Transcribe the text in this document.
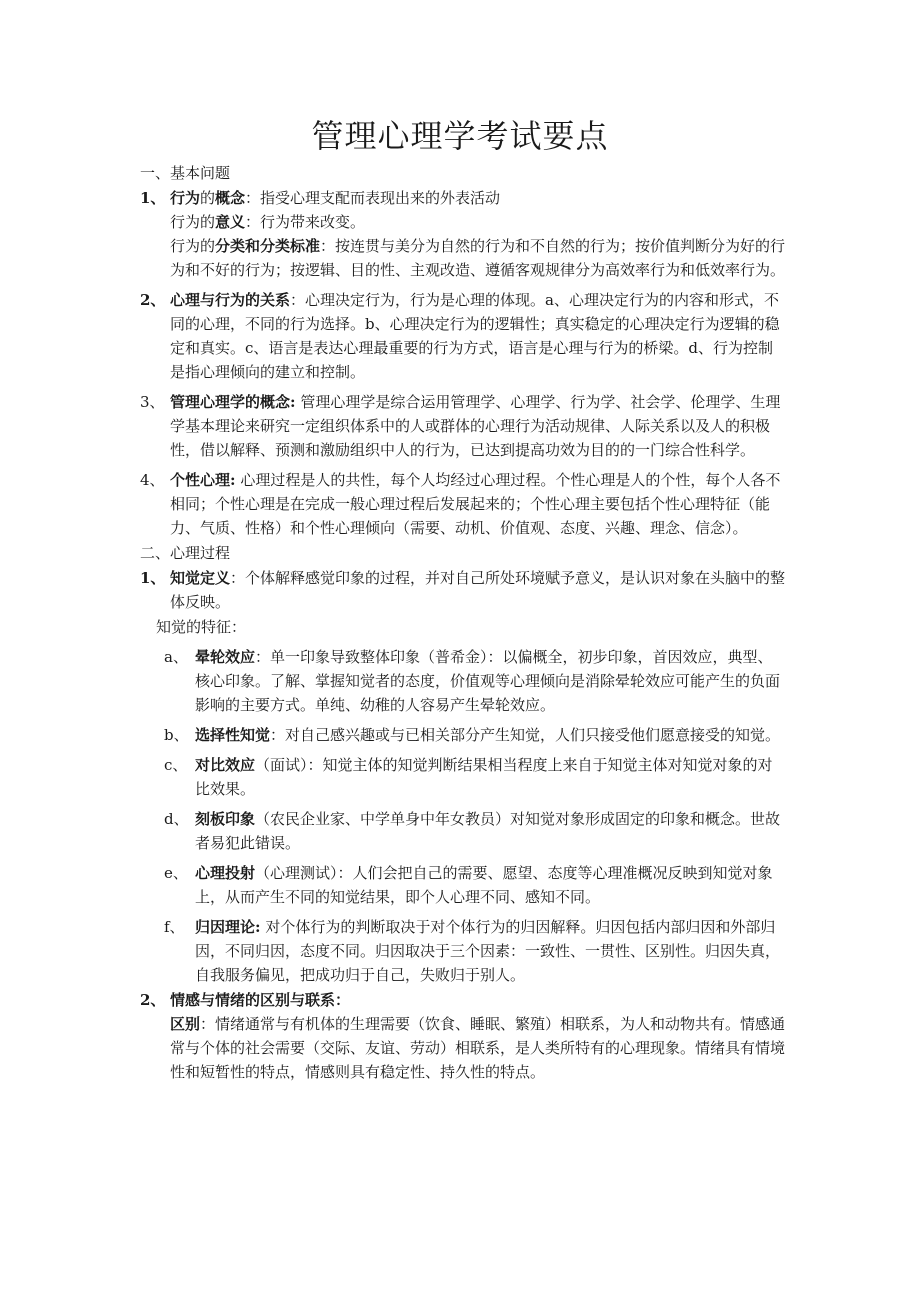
管理心理学考试要点
一、基本问题
1、 行为的概念：指受心理支配而表现出来的外表活动
行为的意义：行为带来改变。
行为的分类和分类标准：按连贯与美分为自然的行为和不自然的行为；按价值判断分为好的行为和不好的行为；按逻辑、目的性、主观改造、遵循客观规律分为高效率行为和低效率行为。
2、 心理与行为的关系：心理决定行为，行为是心理的体现。a、心理决定行为的内容和形式，不同的心理，不同的行为选择。b、心理决定行为的逻辑性；真实稳定的心理决定行为逻辑的稳定和真实。c、语言是表达心理最重要的行为方式，语言是心理与行为的桥梁。d、行为控制是指心理倾向的建立和控制。
3、 管理心理学的概念: 管理心理学是综合运用管理学、心理学、行为学、社会学、伦理学、生理学基本理论来研究一定组织体系中的人或群体的心理行为活动规律、人际关系以及人的积极性，借以解释、预测和激励组织中人的行为，已达到提高功效为目的的一门综合性科学。
4、 个性心理: 心理过程是人的共性，每个人均经过心理过程。个性心理是人的个性，每个人各不相同；个性心理是在完成一般心理过程后发展起来的；个性心理主要包括个性心理特征（能力、气质、性格）和个性心理倾向（需要、动机、价值观、态度、兴趣、理念、信念）。
二、心理过程
1、 知觉定义：个体解释感觉印象的过程，并对自己所处环境赋予意义，是认识对象在头脑中的整体反映。
知觉的特征：
a、 晕轮效应：单一印象导致整体印象（普希金）：以偏概全，初步印象，首因效应，典型、核心印象。了解、掌握知觉者的态度，价值观等心理倾向是消除晕轮效应可能产生的负面影响的主要方式。单纯、幼稚的人容易产生晕轮效应。
b、 选择性知觉：对自己感兴趣或与已相关部分产生知觉，人们只接受他们愿意接受的知觉。
c、 对比效应（面试）：知觉主体的知觉判断结果相当程度上来自于知觉主体对知觉对象的对比效果。
d、 刻板印象（农民企业家、中学单身中年女教员）对知觉对象形成固定的印象和概念。世故者易犯此错误。
e、 心理投射（心理测试）：人们会把自己的需要、愿望、态度等心理准概况反映到知觉对象上，从而产生不同的知觉结果，即个人心理不同、感知不同。
f、 归因理论: 对个体行为的判断取决于对个体行为的归因解释。归因包括内部归因和外部归因，不同归因，态度不同。归因取决于三个因素：一致性、一贯性、区别性。归因失真，自我服务偏见，把成功归于自己，失败归于别人。
2、 情感与情绪的区别与联系：
区别：情绪通常与有机体的生理需要（饮食、睡眠、繁殖）相联系，为人和动物共有。情感通常与个体的社会需要（交际、友谊、劳动）相联系，是人类所特有的心理现象。情绪具有情境性和短暂性的特点，情感则具有稳定性、持久性的特点。
